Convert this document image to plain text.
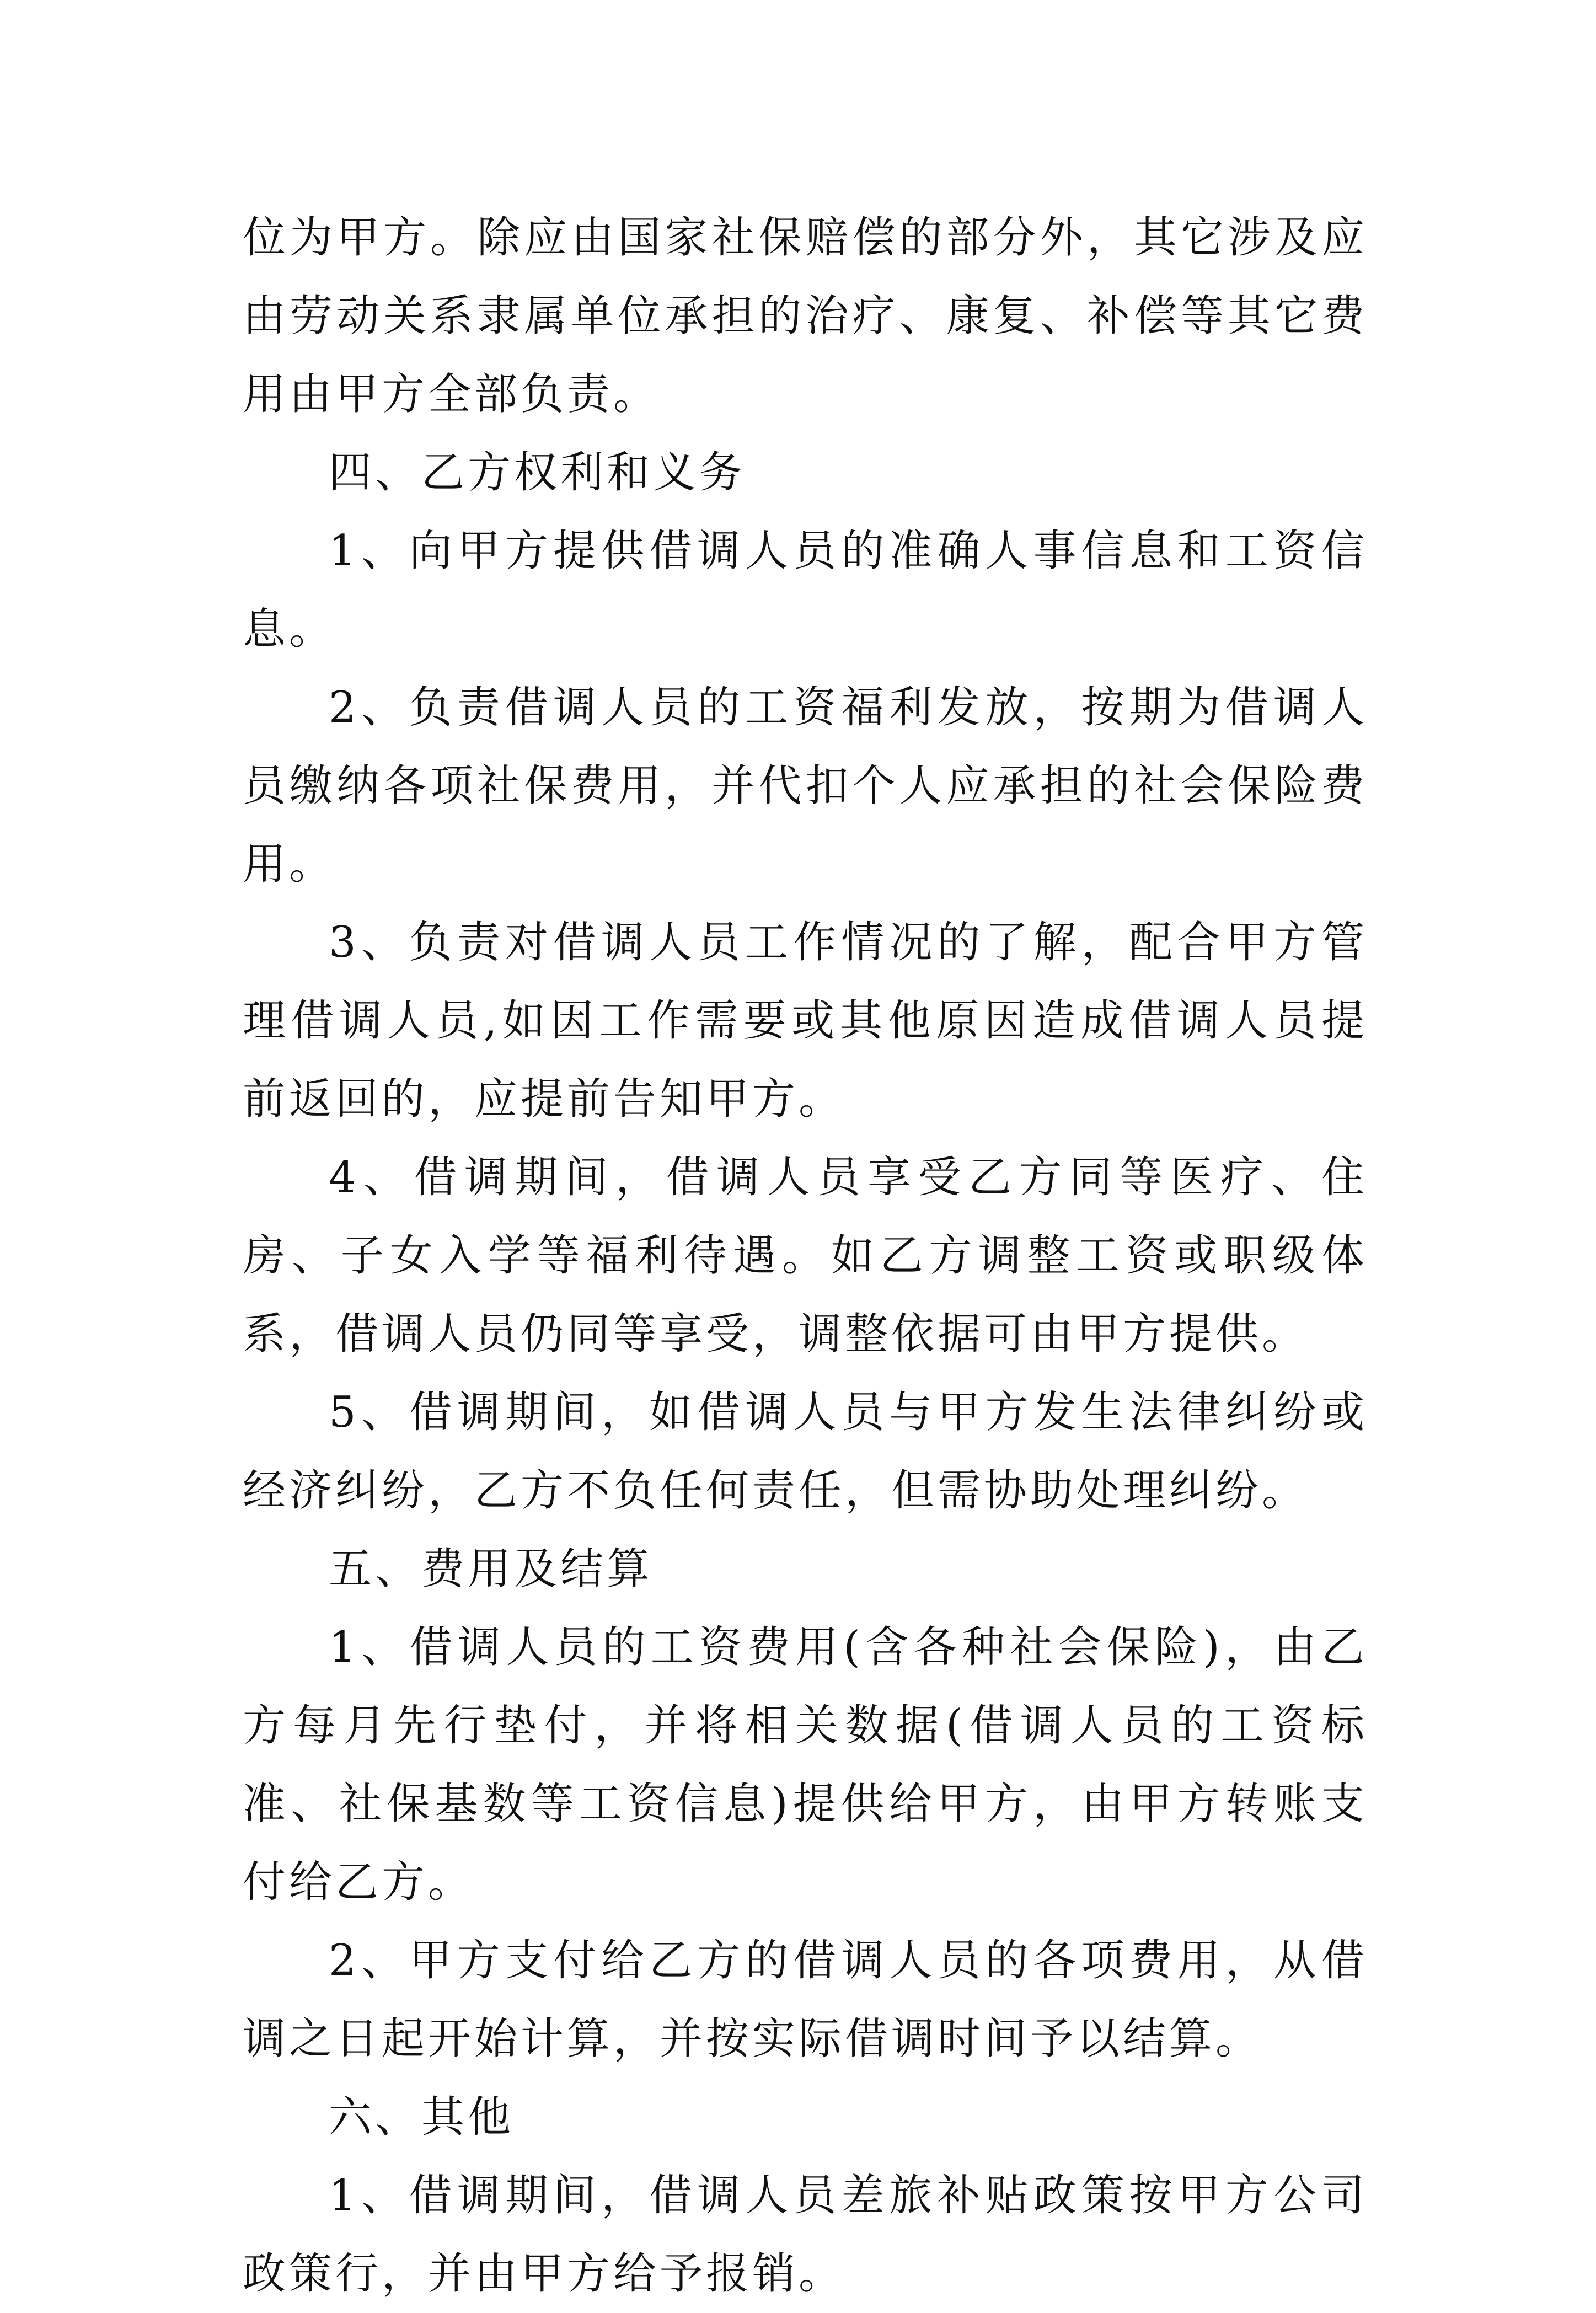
位为甲方。除应由国家社保赔偿的部分外，其它涉及应由劳动关系隶属单位承担的治疗、康复、补偿等其它费用由甲方全部负责。

四、乙方权利和义务

1、向甲方提供借调人员的准确人事信息和工资信息。

2、负责借调人员的工资福利发放，按期为借调人员缴纳各项社保费用，并代扣个人应承担的社会保险费用。

3、负责对借调人员工作情况的了解，配合甲方管理借调人员,如因工作需要或其他原因造成借调人员提前返回的，应提前告知甲方。

4、借调期间，借调人员享受乙方同等医疗、住房、子女入学等福利待遇。如乙方调整工资或职级体系，借调人员仍同等享受，调整依据可由甲方提供。

5、借调期间，如借调人员与甲方发生法律纠纷或经济纠纷，乙方不负任何责任，但需协助处理纠纷。

五、费用及结算

1、借调人员的工资费用(含各种社会保险)，由乙方每月先行垫付，并将相关数据(借调人员的工资标准、社保基数等工资信息)提供给甲方，由甲方转账支付给乙方。

2、甲方支付给乙方的借调人员的各项费用，从借调之日起开始计算，并按实际借调时间予以结算。

六、其他

1、借调期间，借调人员差旅补贴政策按甲方公司政策行，并由甲方给予报销。
